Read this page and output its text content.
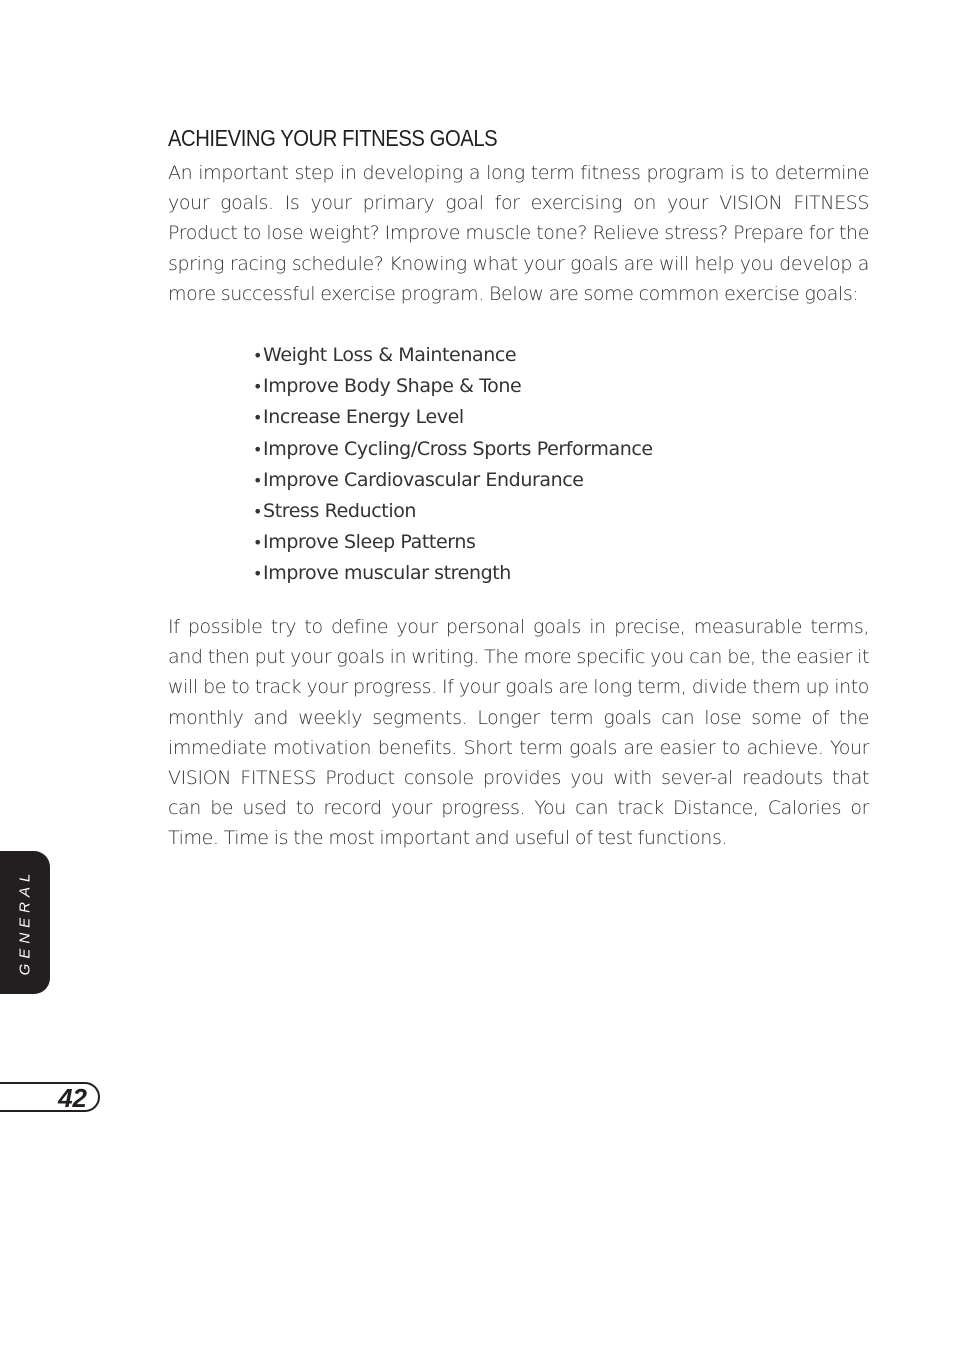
ACHIEVING YOUR FITNESS GOALS

An important step in developing a long term fitness program is to determine your goals. Is your primary goal for exercising on your VISION FITNESS Product to lose weight? Improve muscle tone? Relieve stress? Prepare for the spring racing schedule? Knowing what your goals are will help you develop a more successful exercise program. Below are some common exercise goals:

•Weight Loss & Maintenance
•Improve Body Shape & Tone
•Increase Energy Level
•Improve Cycling/Cross Sports Performance
•Improve Cardiovascular Endurance
•Stress Reduction
•Improve Sleep Patterns
•Improve muscular strength

If possible try to define your personal goals in precise, measurable terms, and then put your goals in writing. The more specific you can be, the easier it will be to track your progress. If your goals are long term, divide them up into monthly and weekly segments. Longer term goals can lose some of the immediate motivation benefits. Short term goals are easier to achieve. Your VISION FITNESS Product console provides you with sever-al readouts that can be used to record your progress. You can track Distance, Calories or Time. Time is the most important and useful of test functions.

GENERAL
42
